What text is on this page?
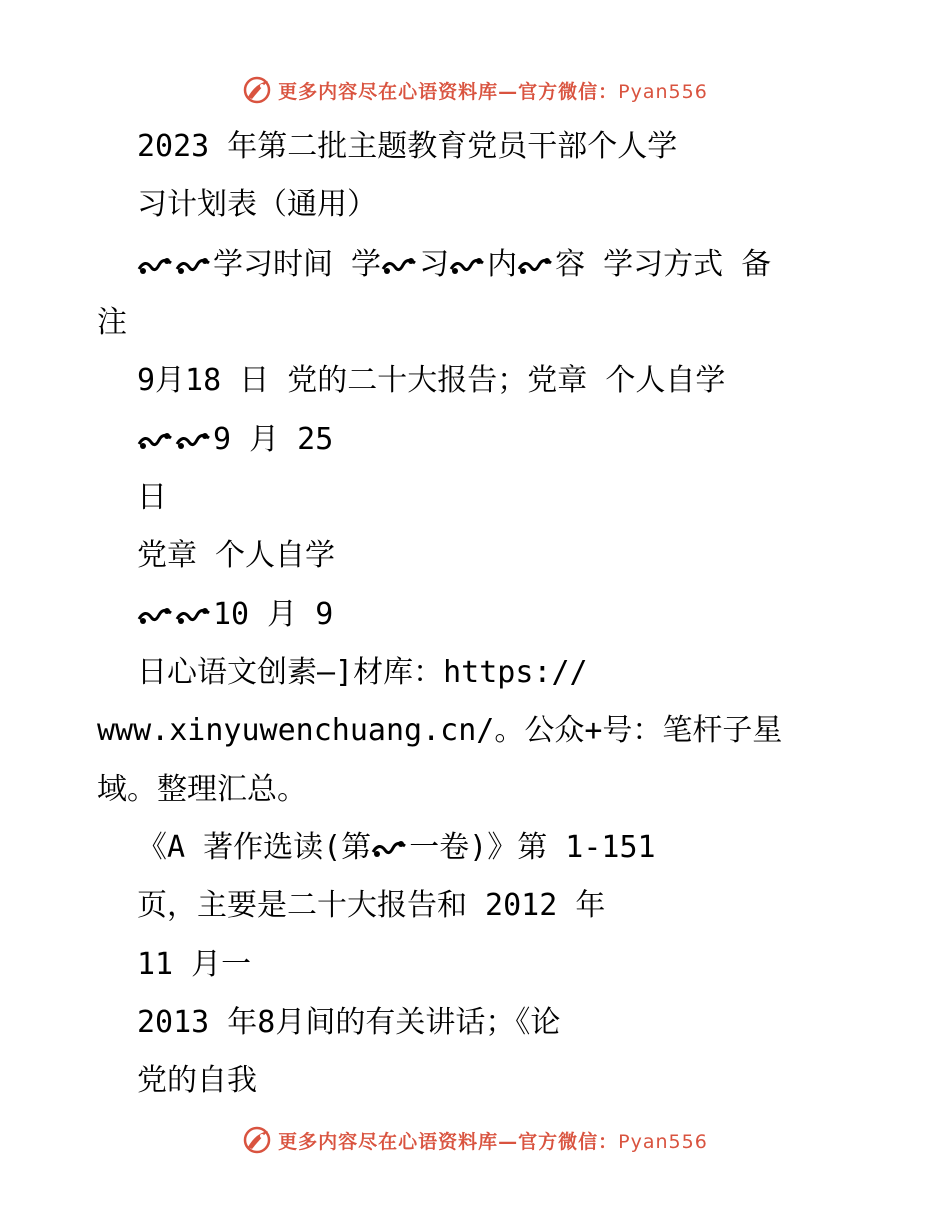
更多内容尽在心语资料库—官方微信：Pyan556
2023 年第二批主题教育党员干部个人学
习计划表（通用）
学习时间 学 习 内 容 学习方式 备
注
9月18 日 党的二十大报告；党章 个人自学
9 月 25
日
党章 个人自学
10 月 9
日心语文创素—]材库：https://
www.xinyuwenchuang.cn/。公众+号：笔杆子星
域。整理汇总。
《A 著作选读(第 一卷)》第 1-151
页，主要是二十大报告和 2012 年
11 月一
2013 年8月间的有关讲话；《论
党的自我
更多内容尽在心语资料库—官方微信：Pyan556
